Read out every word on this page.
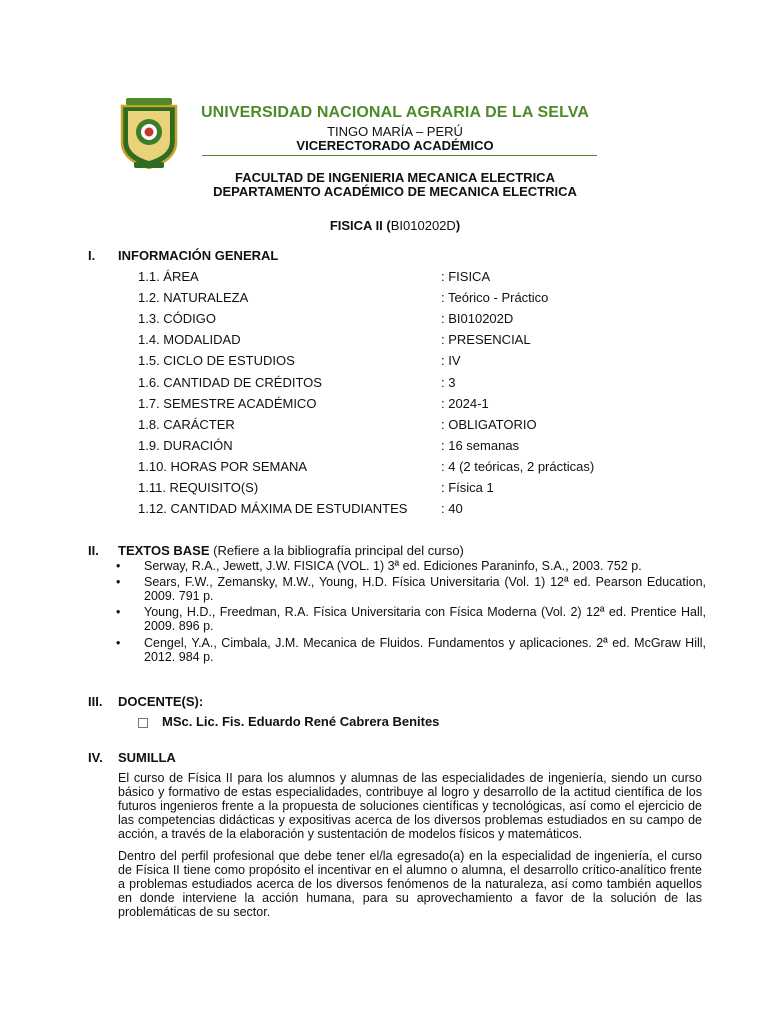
UNIVERSIDAD NACIONAL AGRARIA DE LA SELVA
TINGO MARÍA – PERÚ
VICERECTORADO ACADÉMICO
FACULTAD DE INGENIERIA MECANICA ELECTRICA
DEPARTAMENTO ACADÉMICO DE MECANICA ELECTRICA
FISICA II (BI010202D)
I. INFORMACIÓN GENERAL
1.1. ÁREA	: FISICA
1.2. NATURALEZA	: Teórico - Práctico
1.3. CÓDIGO	: BI010202D
1.4. MODALIDAD	: PRESENCIAL
1.5. CICLO DE ESTUDIOS	: IV
1.6. CANTIDAD DE CRÉDITOS	: 3
1.7. SEMESTRE ACADÉMICO	: 2024-1
1.8. CARÁCTER	: OBLIGATORIO
1.9. DURACIÓN	: 16 semanas
1.10. HORAS POR SEMANA	: 4 (2 teóricas, 2 prácticas)
1.11. REQUISITO(S)	: Física 1
1.12. CANTIDAD MÁXIMA DE ESTUDIANTES	: 40
II. TEXTOS BASE (Refiere a la bibliografía principal del curso)
•	Serway, R.A., Jewett, J.W. FISICA (VOL. 1) 3ª ed. Ediciones Paraninfo, S.A., 2003. 752 p.
•	Sears, F.W., Zemansky, M.W., Young, H.D. Física Universitaria (Vol. 1) 12ª ed. Pearson Education, 2009. 791 p.
•	Young, H.D., Freedman, R.A. Física Universitaria con Física Moderna (Vol. 2) 12ª ed. Prentice Hall, 2009. 896 p.
•	Cengel, Y.A., Cimbala, J.M. Mecanica de Fluidos. Fundamentos y aplicaciones. 2ª ed. McGraw Hill, 2012. 984 p.
III. DOCENTE(S):
MSc. Lic. Fis. Eduardo René Cabrera Benites
IV. SUMILLA
El curso de Física II para los alumnos y alumnas de las especialidades de ingeniería, siendo un curso básico y formativo de estas especialidades, contribuye al logro y desarrollo de la actitud científica de los futuros ingenieros frente a la propuesta de soluciones científicas y tecnológicas, así como el ejercicio de las competencias didácticas y expositivas acerca de los diversos problemas estudiados en su campo de acción, a través de la elaboración y sustentación de modelos físicos y matemáticos.
Dentro del perfil profesional que debe tener el/la egresado(a) en la especialidad de ingeniería, el curso de Física II tiene como propósito el incentivar en el alumno o alumna, el desarrollo crítico-analítico frente a problemas estudiados acerca de los diversos fenómenos de la naturaleza, así como también aquellos en donde interviene la acción humana, para su aprovechamiento a favor de la solución de las problemáticas de su sector.
